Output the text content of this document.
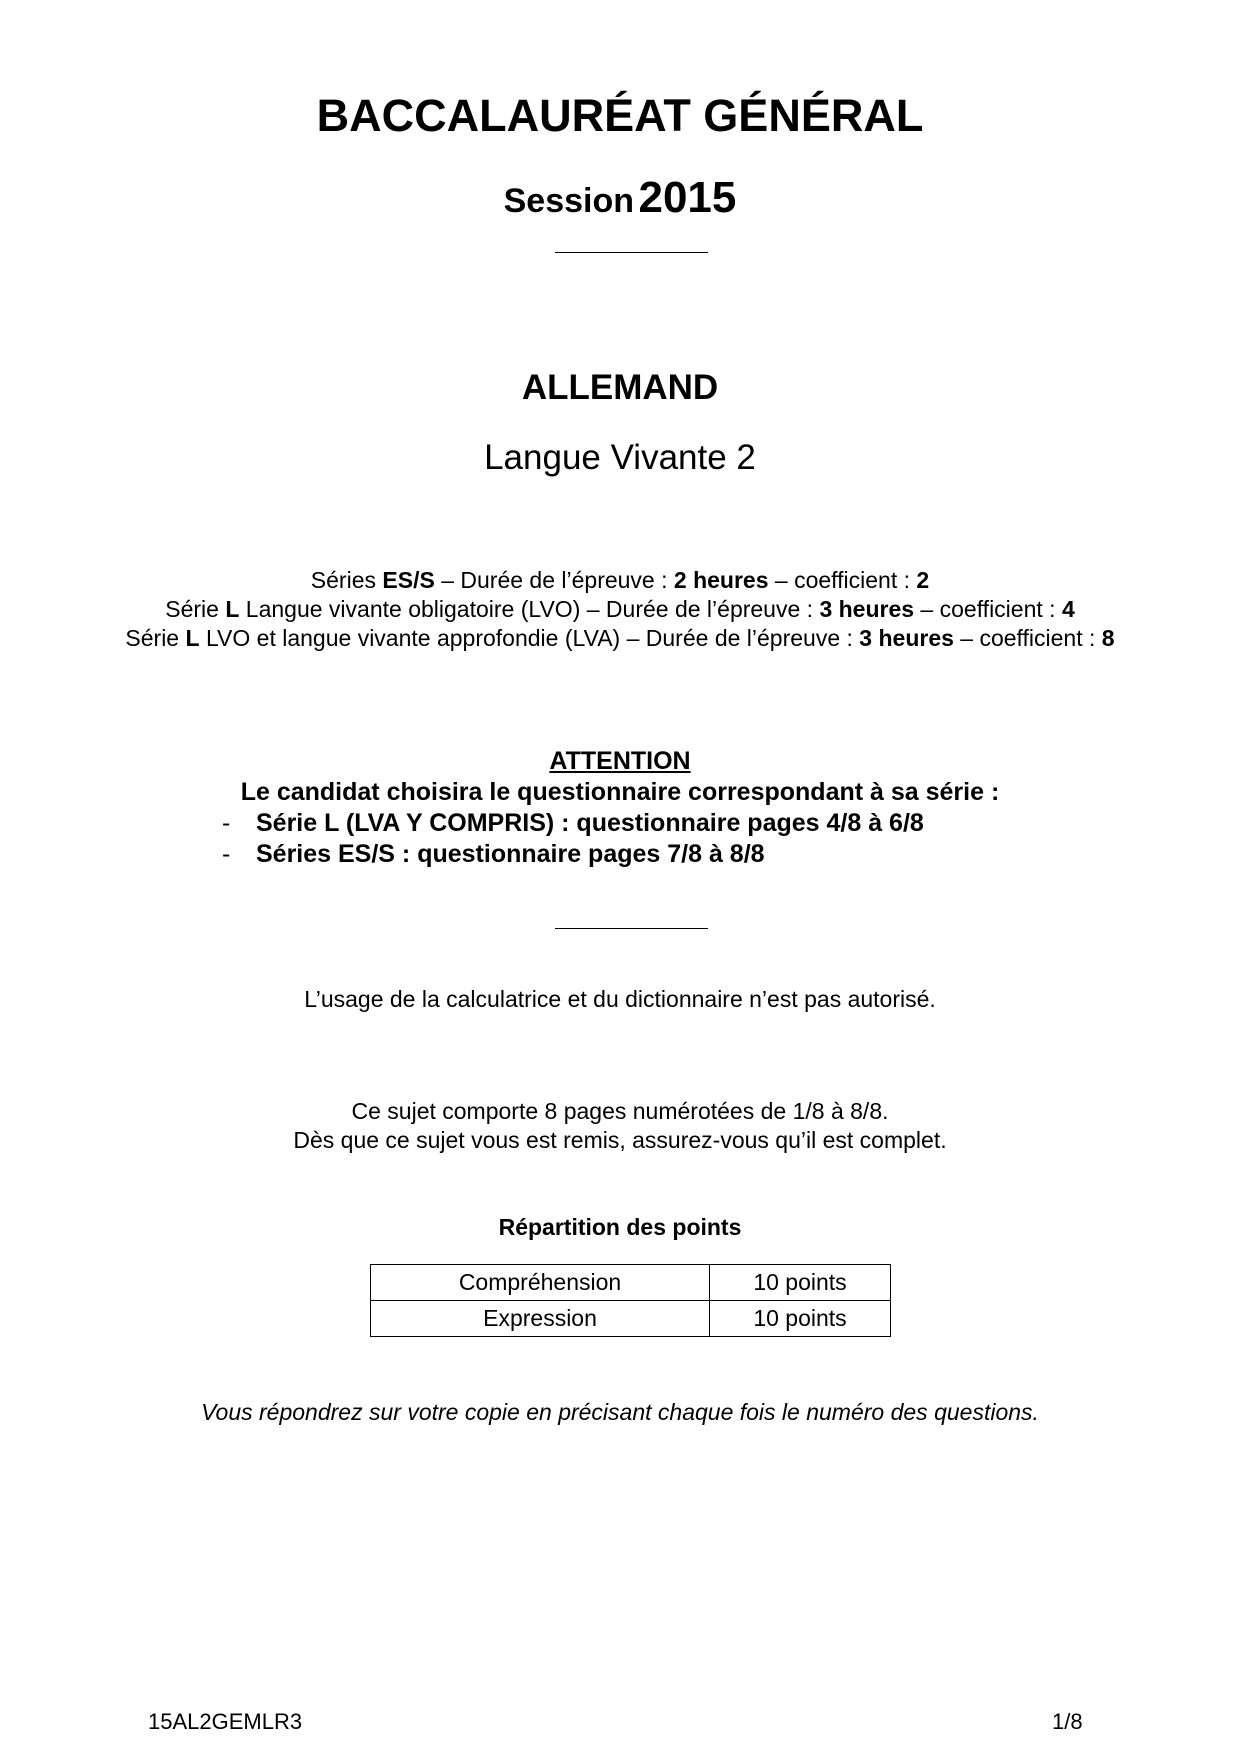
BACCALAURÉAT GÉNÉRAL
Session 2015
ALLEMAND
Langue Vivante 2
Séries ES/S – Durée de l’épreuve : 2 heures – coefficient : 2
Série L Langue vivante obligatoire (LVO) – Durée de l’épreuve : 3 heures – coefficient : 4
Série L LVO et langue vivante approfondie (LVA) – Durée de l’épreuve : 3 heures – coefficient : 8
ATTENTION
Le candidat choisira le questionnaire correspondant à sa série :
- Série L (LVA Y COMPRIS) : questionnaire pages 4/8 à 6/8
- Séries ES/S : questionnaire pages 7/8 à 8/8
L’usage de la calculatrice et du dictionnaire n’est pas autorisé.
Ce sujet comporte 8 pages numérotées de 1/8 à 8/8.
Dès que ce sujet vous est remis, assurez-vous qu’il est complet.
Répartition des points
Compréhension	10 points
Expression	10 points
Vous répondrez sur votre copie en précisant chaque fois le numéro des questions.
15AL2GEMLR3	1/8
